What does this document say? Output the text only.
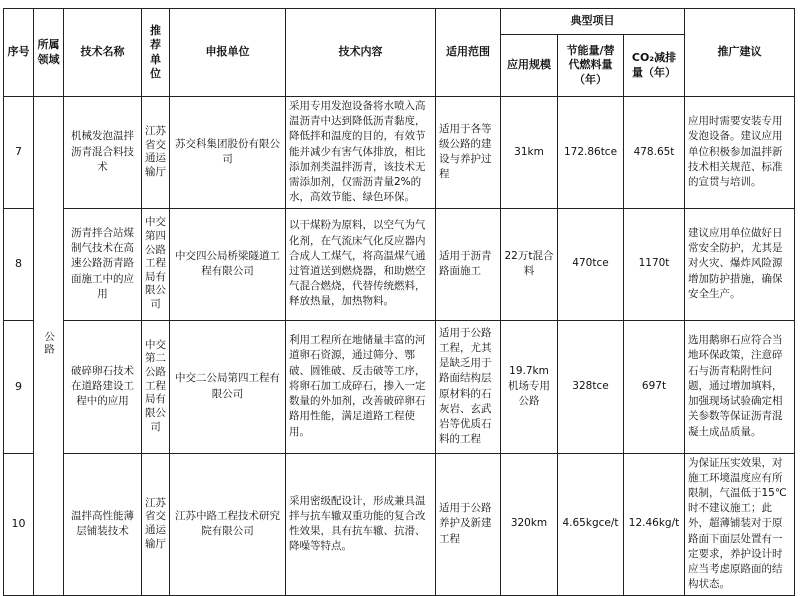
序号	所属领域	技术名称	推荐单位	申报单位	技术内容	适用范围	典型项目			推广建议
							应用规模	节能量/替代燃料量（年）	CO₂减排量（年）	
7	公路	机械发泡温拌沥青混合料技术	江苏省交通运输厅	苏交科集团股份有限公司	采用专用发泡设备将水喷入高温沥青中达到降低沥青黏度，降低拌和温度的目的，有效节能并减少有害气体排放，相比添加剂类温拌沥青，该技术无需添加剂，仅需沥青量2%的水，高效节能、绿色环保。	适用于各等级公路的建设与养护过程	31km	172.86tce	478.65t	应用时需要安装专用发泡设备。建议应用单位积极参加温拌新技术相关规范、标准的宣贯与培训。
8		沥青拌合站煤制气技术在高速公路沥青路面施工中的应用	中交第四公路工程局有限公司	中交四公局桥梁隧道工程有限公司	以干煤粉为原料，以空气为气化剂，在气流床气化反应器内合成人工煤气，将高温煤气通过管道送到燃烧器，和助燃空气混合燃烧，代替传统燃料，释放热量，加热物料。	适用于沥青路面施工	22万t混合料	470tce	1170t	建议应用单位做好日常安全防护，尤其是对火灾、爆炸风险源增加防护措施，确保安全生产。
9		破碎卵石技术在道路建设工程中的应用	中交第二公路工程局有限公司	中交二公局第四工程有限公司	利用工程所在地储量丰富的河道卵石资源，通过筛分、鄂破、圆锥破、反击破等工序，将卵石加工成碎石，掺入一定数量的外加剂，改善破碎卵石路用性能，满足道路工程使用。	适用于公路工程，尤其是缺乏用于路面结构层原材料的石灰岩、玄武岩等优质石料的工程	19.7km机场专用公路	328tce	697t	选用鹅卵石应符合当地环保政策，注意碎石与沥青粘附性问题，通过增加填料，加强现场试验确定相关参数等保证沥青混凝土成品质量。
10		温拌高性能薄层铺装技术	江苏省交通运输厅	江苏中路工程技术研究院有限公司	采用密级配设计，形成兼具温拌与抗车辙双重功能的复合改性效果，具有抗车辙、抗滑、降噪等特点。	适用于公路养护及新建工程	320km	4.65kgce/t	12.46kg/t	为保证压实效果，对施工环境温度应有所限制，气温低于15℃时不建议施工；此外，超薄铺装对于原路面下面层处置有一定要求，养护设计时应当考虑原路面的结构状态。
